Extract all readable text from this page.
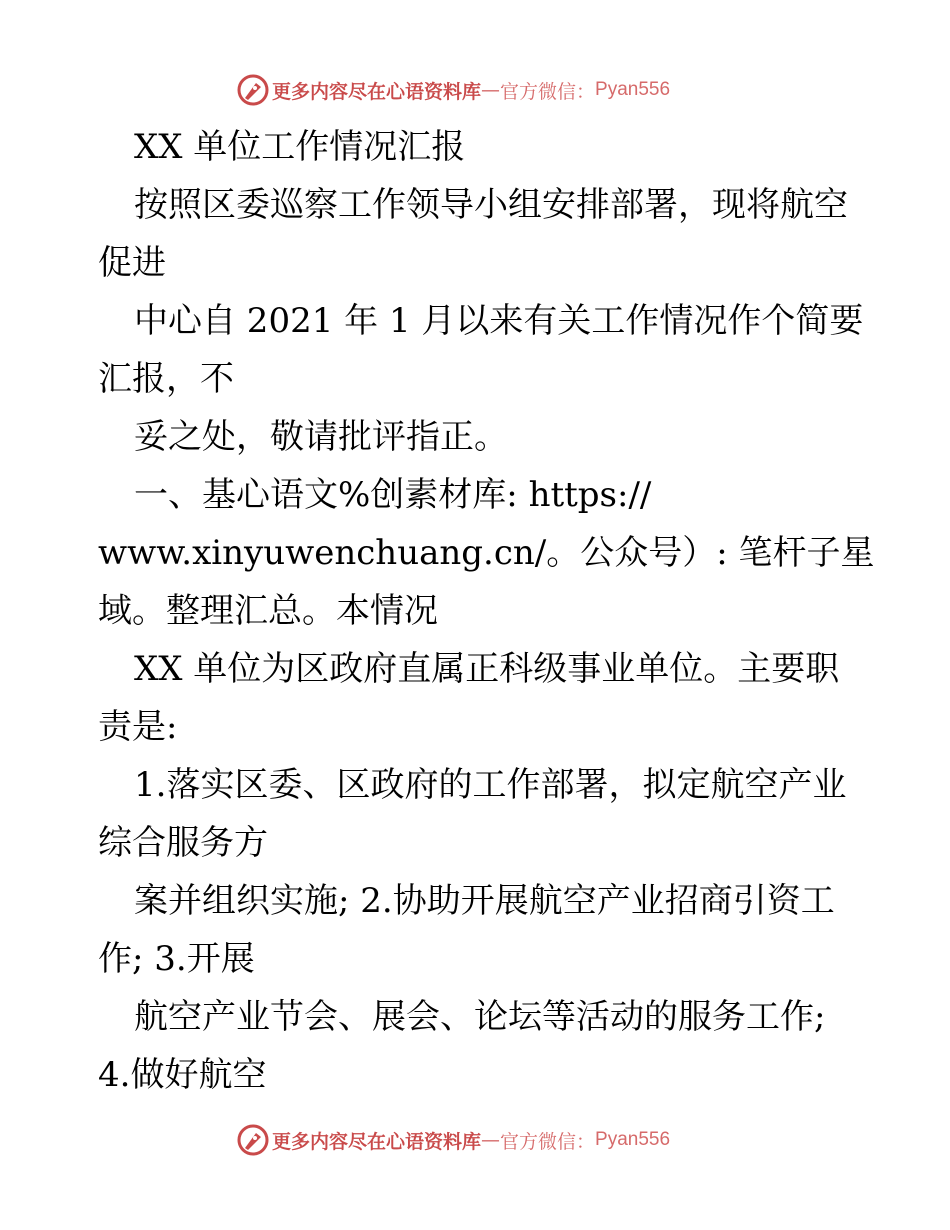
更多内容尽在心语资料库 — 官方微信： Pyan556
XX 单位工作情况汇报
按照区委巡察工作领导小组安排部署，现将航空
促进
中心自 2021 年 1 月以来有关工作情况作个简要
汇报，不
妥之处，敬请批评指正。
一、基心语文%创素材库: https://
www.xinyuwenchuang.cn/。公众号）: 笔杆子星
域。整理汇总。本情况
XX 单位为区政府直属正科级事业单位。主要职
责是:
1.落实区委、区政府的工作部署，拟定航空产业
综合服务方
案并组织实施; 2.协助开展航空产业招商引资工
作; 3.开展
航空产业节会、展会、论坛等活动的服务工作;
4.做好航空
更多内容尽在心语资料库 — 官方微信： Pyan556
